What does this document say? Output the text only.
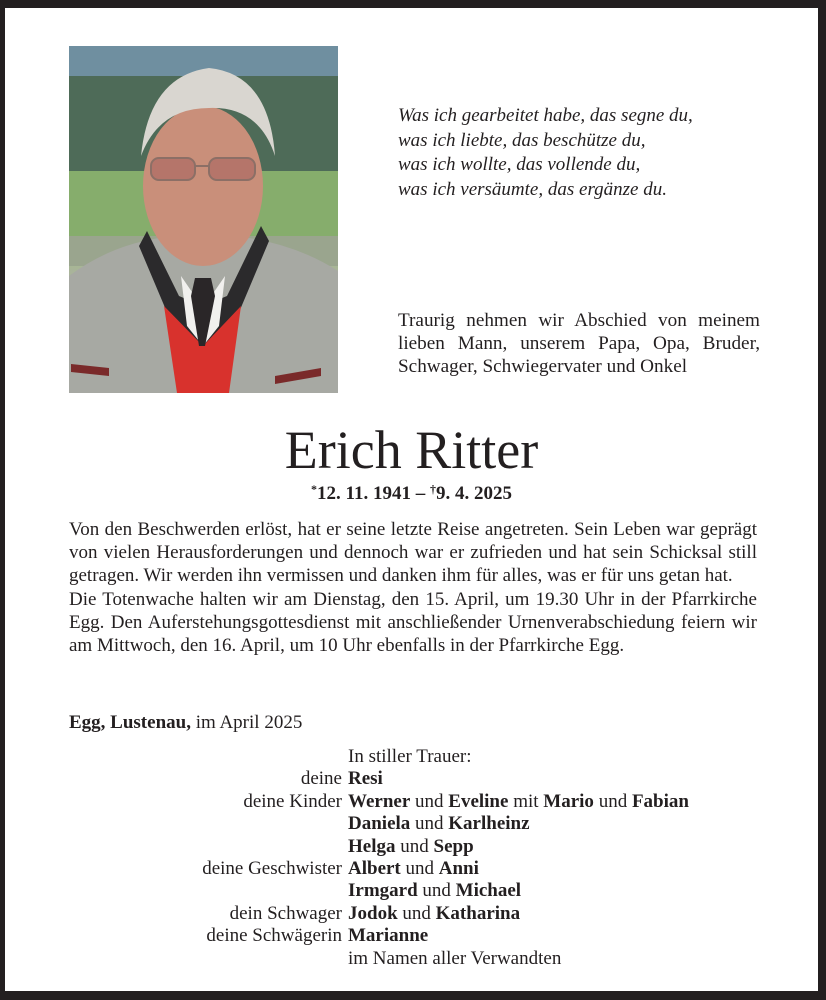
Was ich gearbeitet habe, das segne du,
was ich liebte, das beschütze du,
was ich wollte, das vollende du,
was ich versäumte, das ergänze du.
Traurig nehmen wir Abschied von meinem lieben Mann, unserem Papa, Opa, Bruder, Schwager, Schwiegervater und Onkel
Erich Ritter
*12. 11. 1941 – †9. 4. 2025

Von den Beschwerden erlöst, hat er seine letzte Reise angetreten. Sein Leben war geprägt von vielen Herausforderungen und dennoch war er zufrieden und hat sein Schicksal still getragen. Wir werden ihn vermissen und danken ihm für alles, was er für uns getan hat.

Die Totenwache halten wir am Dienstag, den 15. April, um 19.30 Uhr in der Pfarrkirche Egg. Den Auferstehungsgottesdienst mit anschließender Urnenverabschiedung feiern wir am Mittwoch, den 16. April, um 10 Uhr ebenfalls in der Pfarrkirche Egg.

Egg, Lustenau, im April 2025
In stiller Trauer:
deine Resi
deine Kinder Werner und Eveline mit Mario und Fabian
Daniela und Karlheinz
Helga und Sepp
deine Geschwister Albert und Anni
Irmgard und Michael
dein Schwager Jodok und Katharina
deine Schwägerin Marianne
im Namen aller Verwandten
